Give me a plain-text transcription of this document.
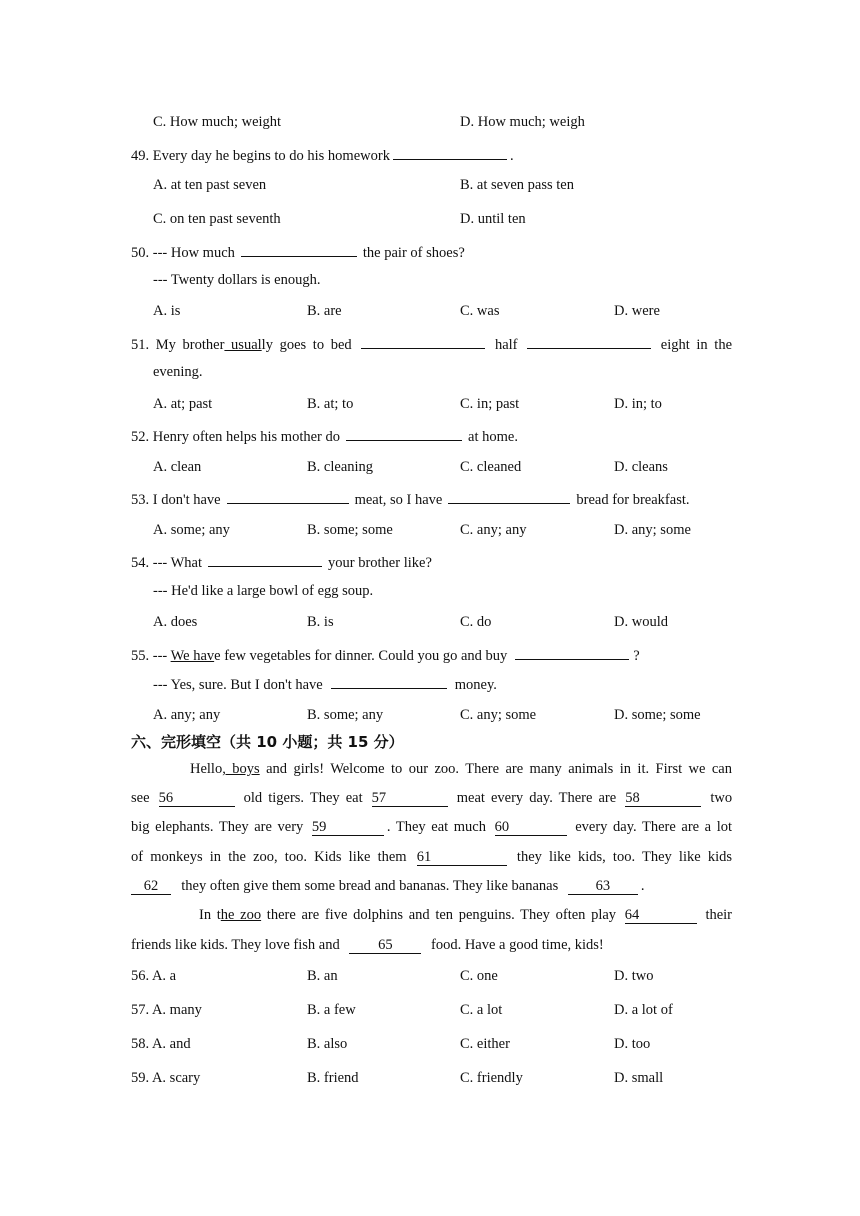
C. How much; weight	D. How much; weigh
49. Every day he begins to do his homework	.
A. at ten past seven	B. at seven pass ten
C. on ten past seventh	D. until ten
50. --- How much	the pair of shoes?
--- Twenty dollars is enough.
A. is	B. are	C. was	D. were
51. My brother usually goes to bed	half	eight in the
evening.
A. at; past	B. at; to	C. in; past	D. in; to
52. Henry often helps his mother do	at home.
A. clean	B. cleaning	C. cleaned	D. cleans
53. I don't have	meat, so I have	bread for breakfast.
A. some; any	B. some; some	C. any; any	D. any; some
54. --- What	your brother like?
--- He'd like a large bowl of egg soup.
A. does	B. is	C. do	D. would
55. --- We have few vegetables for dinner. Could you go and buy	?
--- Yes, sure. But I don't have	money.
A. any; any	B. some; any	C. any; some	D. some; some
六、完形填空（共 10 小题；共 15 分）
Hello, boys and girls! Welcome to our zoo. There are many animals in it. First we can
see 56	old tigers. They eat 57	meat every day. There are 58	two
big elephants. They are very 59	. They eat much 60	every day. There are a lot
of monkeys in the zoo, too. Kids like them 61	they like kids, too. They like kids
62 they often give them some bread and bananas. They like bananas	63 .
In the zoo there are five dolphins and ten penguins. They often play 64	their
friends like kids. They love fish and	65	food. Have a good time, kids!
56. A. a	B. an	C. one	D. two
57. A. many	B. a few	C. a lot	D. a lot of
58. A. and	B. also	C. either	D. too
59. A. scary	B. friend	C. friendly	D. small
